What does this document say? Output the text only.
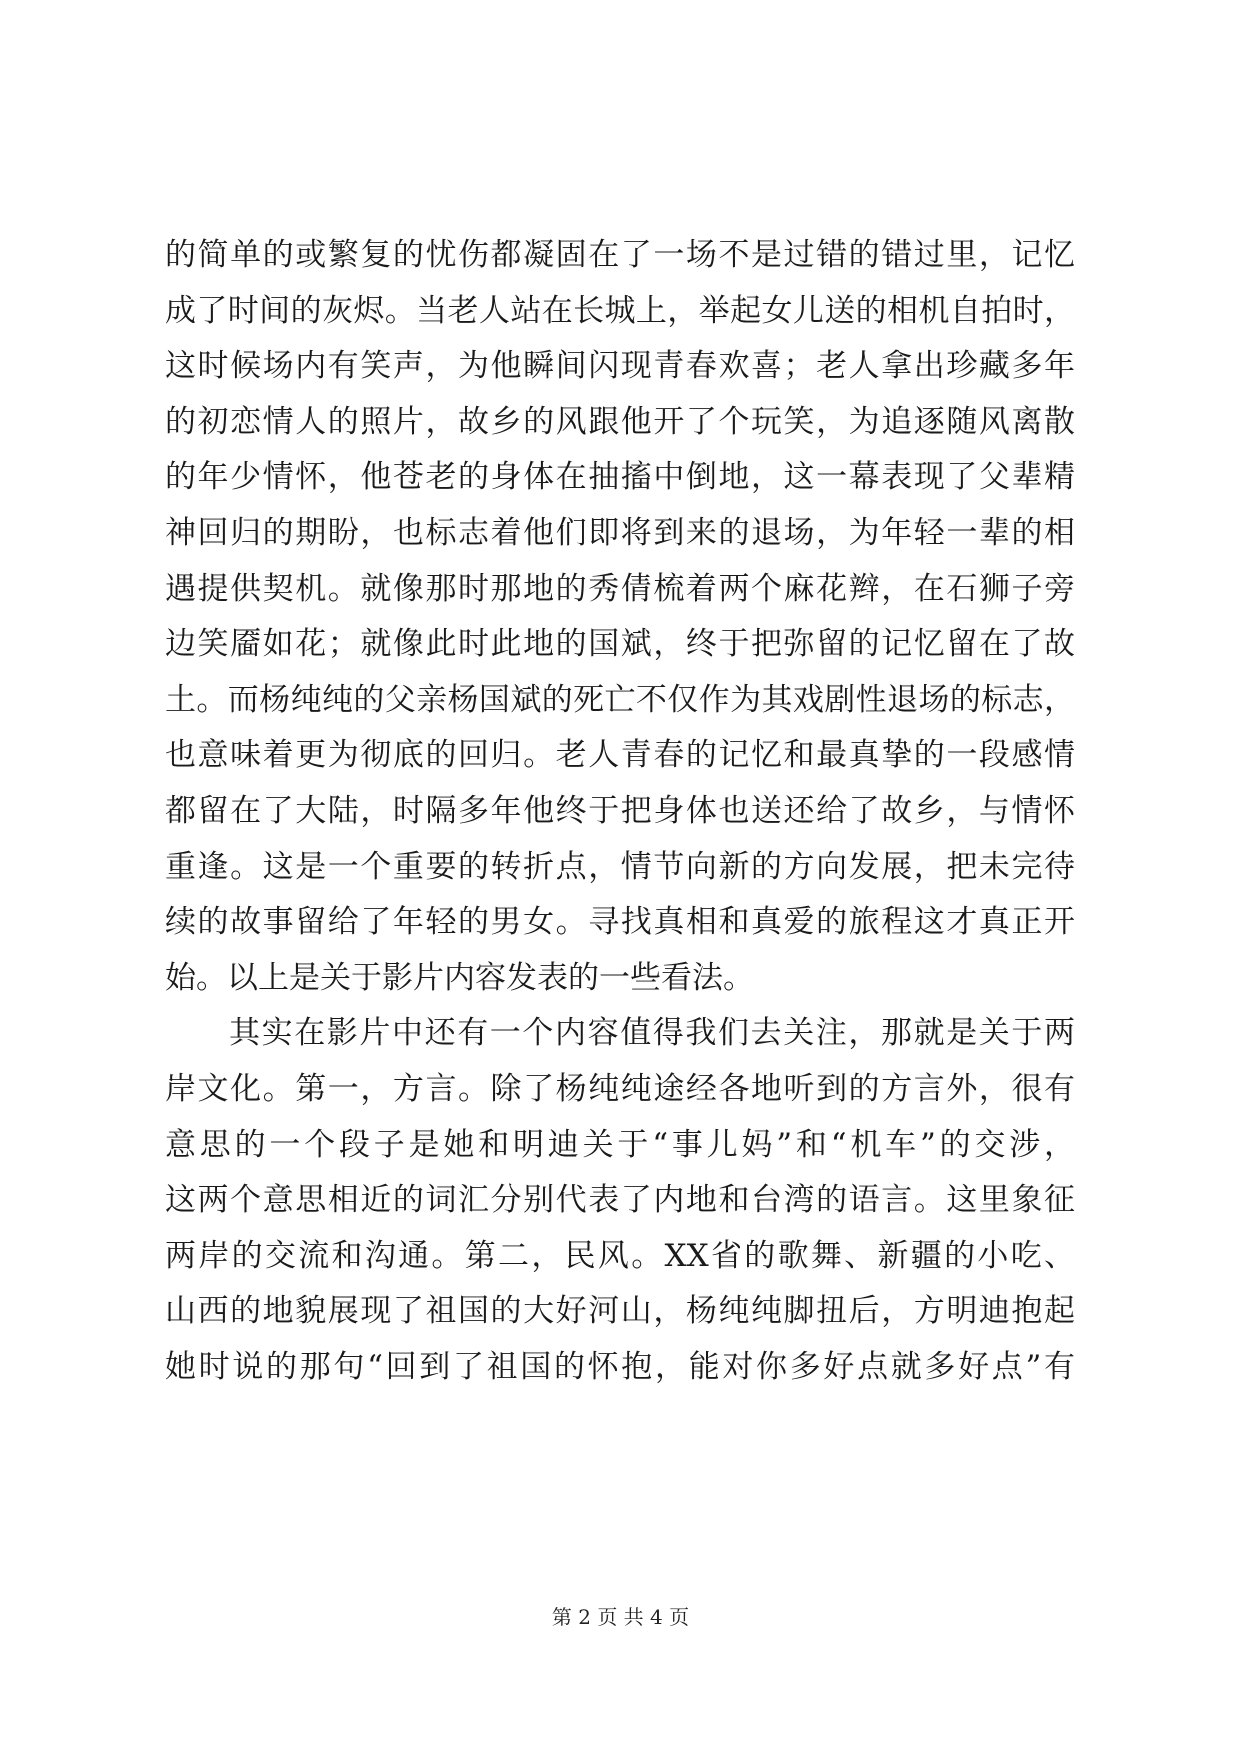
的简单的或繁复的忧伤都凝固在了一场不是过错的错过里，记忆
成了时间的灰烬。当老人站在长城上，举起女儿送的相机自拍时，
这时候场内有笑声，为他瞬间闪现青春欢喜；老人拿出珍藏多年
的初恋情人的照片，故乡的风跟他开了个玩笑，为追逐随风离散
的年少情怀，他苍老的身体在抽搐中倒地，这一幕表现了父辈精
神回归的期盼，也标志着他们即将到来的退场，为年轻一辈的相
遇提供契机。就像那时那地的秀倩梳着两个麻花辫，在石狮子旁
边笑靥如花；就像此时此地的国斌，终于把弥留的记忆留在了故
土。而杨纯纯的父亲杨国斌的死亡不仅作为其戏剧性退场的标志，
也意味着更为彻底的回归。老人青春的记忆和最真挚的一段感情
都留在了大陆，时隔多年他终于把身体也送还给了故乡，与情怀
重逢。这是一个重要的转折点，情节向新的方向发展，把未完待
续的故事留给了年轻的男女。寻找真相和真爱的旅程这才真正开
始。以上是关于影片内容发表的一些看法。
其实在影片中还有一个内容值得我们去关注，那就是关于两
岸文化。第一，方言。除了杨纯纯途经各地听到的方言外，很有
意思的一个段子是她和明迪关于“事儿妈”和“机车”的交涉，
这两个意思相近的词汇分别代表了内地和台湾的语言。这里象征
两岸的交流和沟通。第二，民风。XX省的歌舞、新疆的小吃、
山西的地貌展现了祖国的大好河山，杨纯纯脚扭后，方明迪抱起
她时说的那句“回到了祖国的怀抱，能对你多好点就多好点”有
第 2 页 共 4 页
